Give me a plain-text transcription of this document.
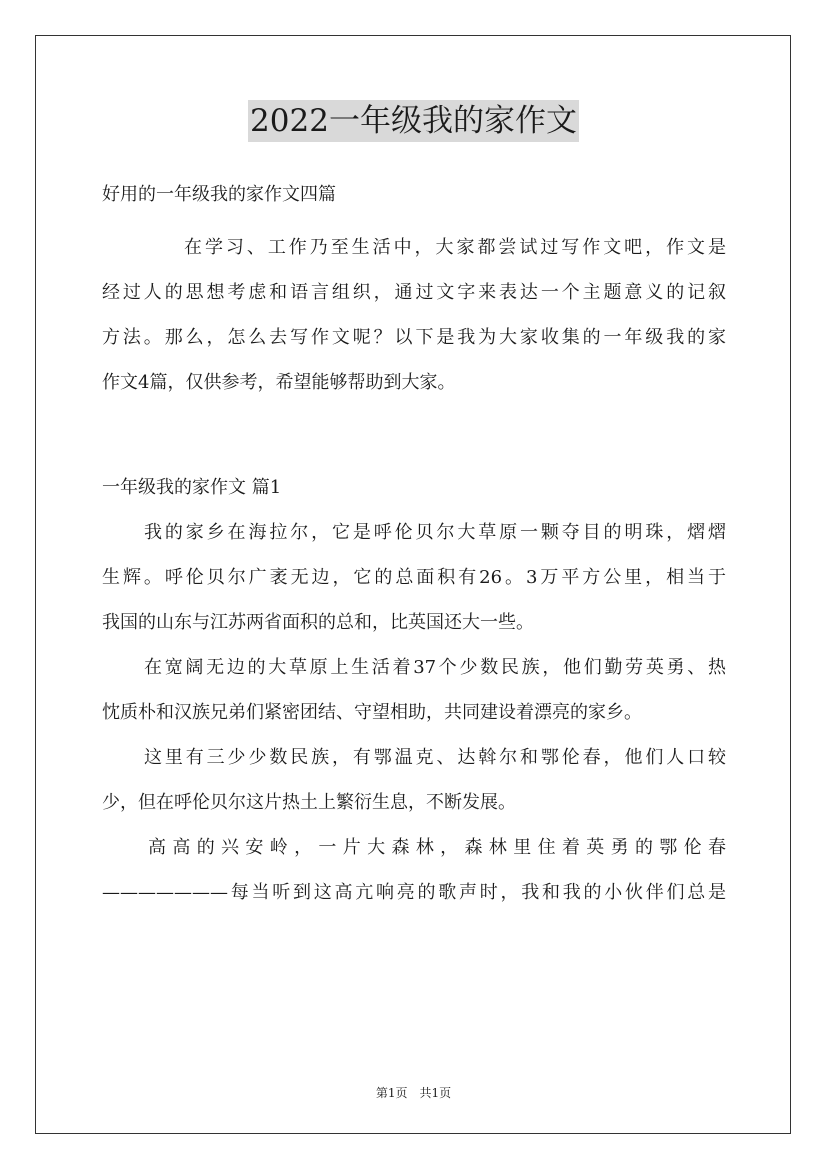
2022一年级我的家作文
好用的一年级我的家作文四篇
在学习、工作乃至生活中，大家都尝试过写作文吧，作文是
经过人的思想考虑和语言组织，通过文字来表达一个主题意义的记叙
方法。那么，怎么去写作文呢？以下是我为大家收集的一年级我的家
作文4篇，仅供参考，希望能够帮助到大家。
一年级我的家作文 篇1
我的家乡在海拉尔，它是呼伦贝尔大草原一颗夺目的明珠，熠熠
生辉。呼伦贝尔广袤无边，它的总面积有26。3万平方公里，相当于
我国的山东与江苏两省面积的总和，比英国还大一些。
在宽阔无边的大草原上生活着37个少数民族，他们勤劳英勇、热
忱质朴和汉族兄弟们紧密团结、守望相助，共同建设着漂亮的家乡。
这里有三少少数民族，有鄂温克、达斡尔和鄂伦春，他们人口较
少，但在呼伦贝尔这片热土上繁衍生息，不断发展。
高高的兴安岭，一片大森林，森林里住着英勇的鄂伦春
———————每当听到这高亢响亮的歌声时，我和我的小伙伴们总是
第1页　共1页
